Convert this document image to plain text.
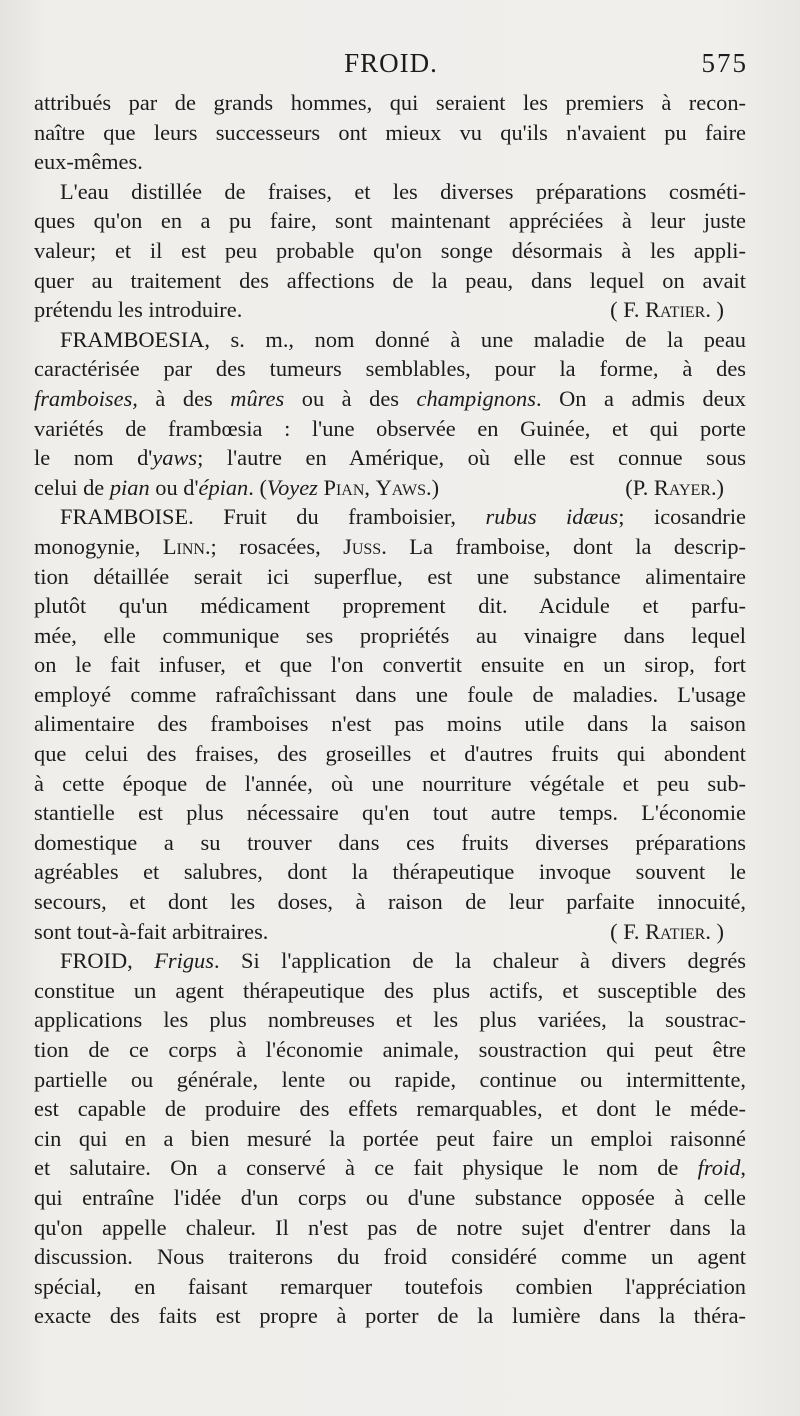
FROID.	575
attribués par de grands hommes, qui seraient les premiers à recon-
naître que leurs successeurs ont mieux vu qu'ils n'avaient pu faire
eux-mêmes.
L'eau distillée de fraises, et les diverses préparations cosméti-
ques qu'on en a pu faire, sont maintenant appréciées à leur juste
valeur; et il est peu probable qu'on songe désormais à les appli-
quer au traitement des affections de la peau, dans lequel on avait
prétendu les introduire.	( F. Ratier. )
FRAMBOESIA, s. m., nom donné à une maladie de la peau
caractérisée par des tumeurs semblables, pour la forme, à des
framboises, à des mûres ou à des champignons. On a admis deux
variétés de frambœsia : l'une observée en Guinée, et qui porte
le nom d'yaws; l'autre en Amérique, où elle est connue sous
celui de pian ou d'épian. (Voyez Pian, Yaws.)	(P. Rayer.)
FRAMBOISE. Fruit du framboisier, rubus idæus; icosandrie
monogynie, Linn.; rosacées, Juss. La framboise, dont la descrip-
tion détaillée serait ici superflue, est une substance alimentaire
plutôt qu'un médicament proprement dit. Acidule et parfu-
mée, elle communique ses propriétés au vinaigre dans lequel
on le fait infuser, et que l'on convertit ensuite en un sirop, fort
employé comme rafraîchissant dans une foule de maladies. L'usage
alimentaire des framboises n'est pas moins utile dans la saison
que celui des fraises, des groseilles et d'autres fruits qui abondent
à cette époque de l'année, où une nourriture végétale et peu sub-
stantielle est plus nécessaire qu'en tout autre temps. L'économie
domestique a su trouver dans ces fruits diverses préparations
agréables et salubres, dont la thérapeutique invoque souvent le
secours, et dont les doses, à raison de leur parfaite innocuité,
sont tout-à-fait arbitraires.	( F. Ratier. )
FROID, Frigus. Si l'application de la chaleur à divers degrés
constitue un agent thérapeutique des plus actifs, et susceptible des
applications les plus nombreuses et les plus variées, la soustrac-
tion de ce corps à l'économie animale, soustraction qui peut être
partielle ou générale, lente ou rapide, continue ou intermittente,
est capable de produire des effets remarquables, et dont le méde-
cin qui en a bien mesuré la portée peut faire un emploi raisonné
et salutaire. On a conservé à ce fait physique le nom de froid,
qui entraîne l'idée d'un corps ou d'une substance opposée à celle
qu'on appelle chaleur. Il n'est pas de notre sujet d'entrer dans la
discussion. Nous traiterons du froid considéré comme un agent
spécial, en faisant remarquer toutefois combien l'appréciation
exacte des faits est propre à porter de la lumière dans la théra-
